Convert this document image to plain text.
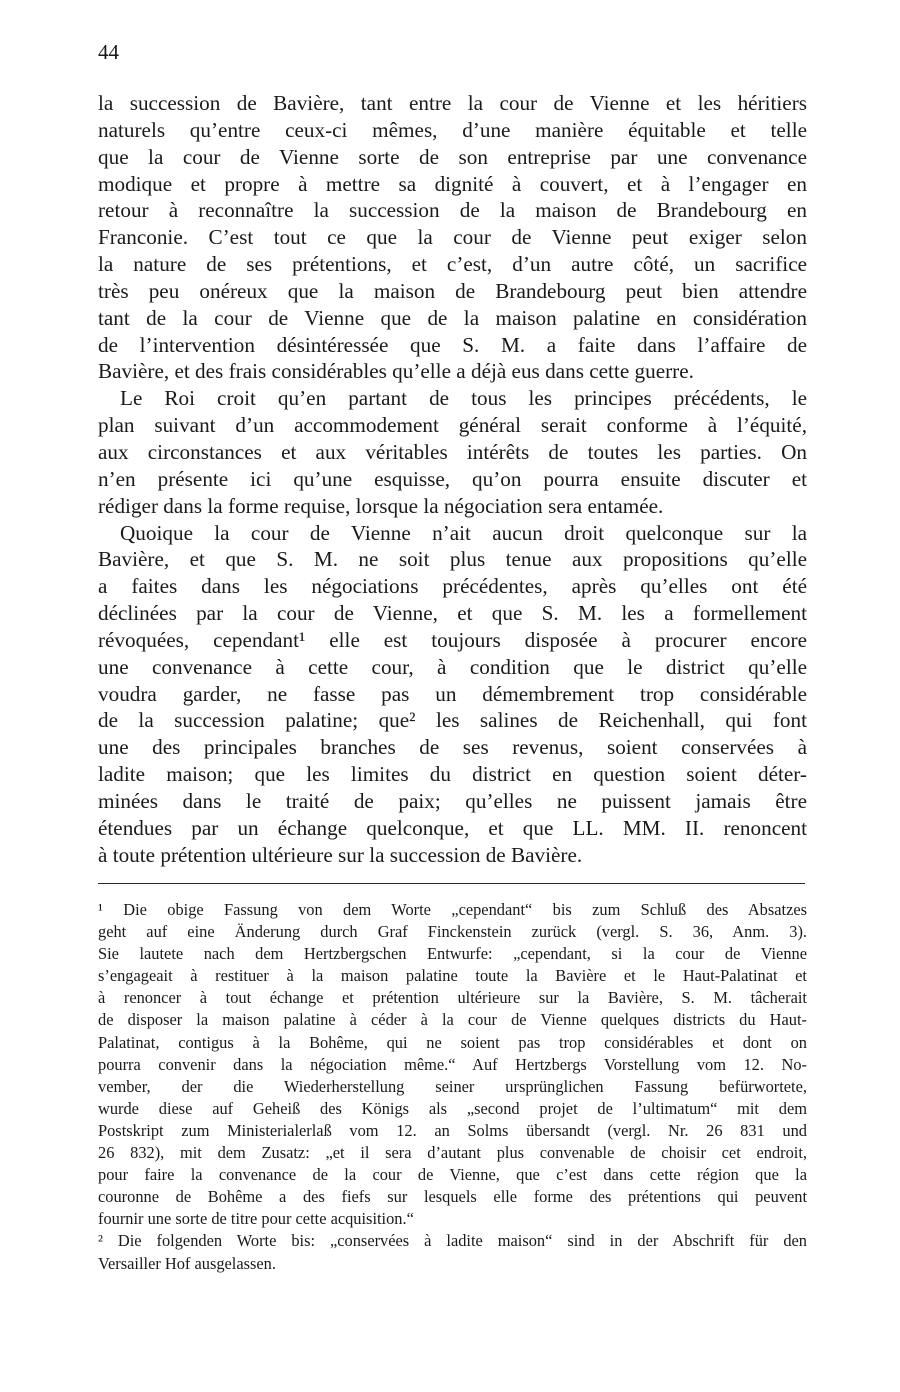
44

la succession de Bavière, tant entre la cour de Vienne et les héritiers
naturels qu’entre ceux-ci mêmes, d’une manière équitable et telle
que la cour de Vienne sorte de son entreprise par une convenance
modique et propre à mettre sa dignité à couvert, et à l’engager en
retour à reconnaître la succession de la maison de Brandebourg en
Franconie. C’est tout ce que la cour de Vienne peut exiger selon
la nature de ses prétentions, et c’est, d’un autre côté, un sacrifice
très peu onéreux que la maison de Brandebourg peut bien attendre
tant de la cour de Vienne que de la maison palatine en considération
de l’intervention désintéressée que S. M. a faite dans l’affaire de
Bavière, et des frais considérables qu’elle a déjà eus dans cette guerre.

Le Roi croit qu’en partant de tous les principes précédents, le
plan suivant d’un accommodement général serait conforme à l’équité,
aux circonstances et aux véritables intérêts de toutes les parties. On
n’en présente ici qu’une esquisse, qu’on pourra ensuite discuter et
rédiger dans la forme requise, lorsque la négociation sera entamée.

Quoique la cour de Vienne n’ait aucun droit quelconque sur la
Bavière, et que S. M. ne soit plus tenue aux propositions qu’elle
a faites dans les négociations précédentes, après qu’elles ont été
déclinées par la cour de Vienne, et que S. M. les a formellement
révoquées, cependant¹ elle est toujours disposée à procurer encore
une convenance à cette cour, à condition que le district qu’elle
voudra garder, ne fasse pas un démembrement trop considérable
de la succession palatine; que² les salines de Reichenhall, qui font
une des principales branches de ses revenus, soient conservées à
ladite maison; que les limites du district en question soient déter-
minées dans le traité de paix; qu’elles ne puissent jamais être
étendues par un échange quelconque, et que LL. MM. II. renoncent
à toute prétention ultérieure sur la succession de Bavière.

¹ Die obige Fassung von dem Worte „cependant“ bis zum Schluß des Absatzes
geht auf eine Änderung durch Graf Finckenstein zurück (vergl. S. 36, Anm. 3).
Sie lautete nach dem Hertzbergschen Entwurfe: „cependant, si la cour de Vienne
s’engageait à restituer à la maison palatine toute la Bavière et le Haut-Palatinat et
à renoncer à tout échange et prétention ultérieure sur la Bavière, S. M. tâcherait
de disposer la maison palatine à céder à la cour de Vienne quelques districts du Haut-
Palatinat, contigus à la Bohême, qui ne soient pas trop considérables et dont on
pourra convenir dans la négociation même.“ Auf Hertzbergs Vorstellung vom 12. No-
vember, der die Wiederherstellung seiner ursprünglichen Fassung befürwortete,
wurde diese auf Geheiß des Königs als „second projet de l’ultimatum“ mit dem
Postskript zum Ministerialerlaß vom 12. an Solms übersandt (vergl. Nr. 26 831 und
26 832), mit dem Zusatz: „et il sera d’autant plus convenable de choisir cet endroit,
pour faire la convenance de la cour de Vienne, que c’est dans cette région que la
couronne de Bohême a des fiefs sur lesquels elle forme des prétentions qui peuvent
fournir une sorte de titre pour cette acquisition.“
² Die folgenden Worte bis: „conservées à ladite maison“ sind in der Abschrift für den
Versailler Hof ausgelassen.
